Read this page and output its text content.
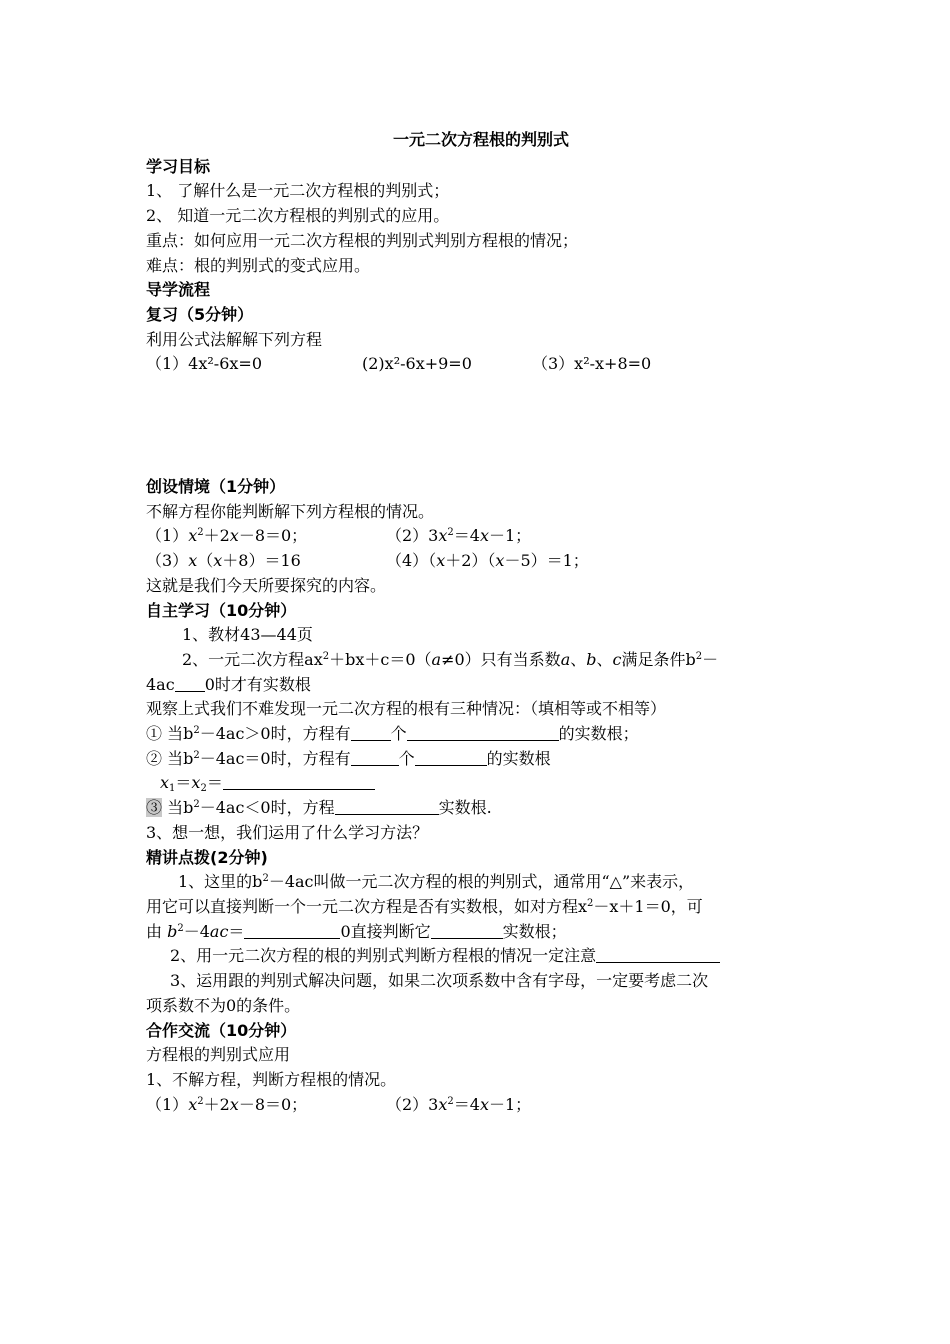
一元二次方程根的判别式
学习目标
1、 了解什么是一元二次方程根的判别式；
2、 知道一元二次方程根的判别式的应用。
重点：如何应用一元二次方程根的判别式判别方程根的情况；
难点：根的判别式的变式应用。
导学流程
复习（5分钟）
利用公式法解解下列方程
（1）4x²-6x=0	(2)x²-6x+9=0	（3）x²-x+8=0
创设情境（1分钟）
不解方程你能判断解下列方程根的情况。
$(1)x^2+2x-8=0$；	$(2)3x^2=4x-1$；
（3）x（x＋8）＝16	（4）（x＋2）（x－5）＝1；
这就是我们今天所要探究的内容。
自主学习（10分钟）
1、教材43—44页
2、一元二次方程$ax^2+bx+c=0(a\ne 0)$只有当系数a、b、c满足条件$b^2-$
4ac 0时才有实数根
观察上式我们不难发现一元二次方程的根有三种情况：（填相等或不相等）
① 当$b^2-4ac>0$时，方程有	个	的实数根；
② 当$b^2-4ac=0$时，方程有	个	的实数根
$x_1=x_2=$
③ 当$b^2-4ac<0$时，方程	实数根.
3、想一想，我们运用了什么学习方法？
精讲点拨(2分钟)
1、这里的$b^2-4ac$叫做一元二次方程的根的判别式，通常用“△”来表示，
用它可以直接判断一个一元二次方程是否有实数根，如对方程$x^2-x+1=0$，可
由 $b^2-4ac=$	0直接判断它	实数根；
2、用一元二次方程的根的判别式判断方程根的情况一定注意
3、运用跟的判别式解决问题，如果二次项系数中含有字母，一定要考虑二次
项系数不为0的条件。
合作交流（10分钟）
方程根的判别式应用
1、不解方程，判断方程根的情况。
$(1)x^2+2x-8=0$；	$(2)3x^2=4x-1$；
